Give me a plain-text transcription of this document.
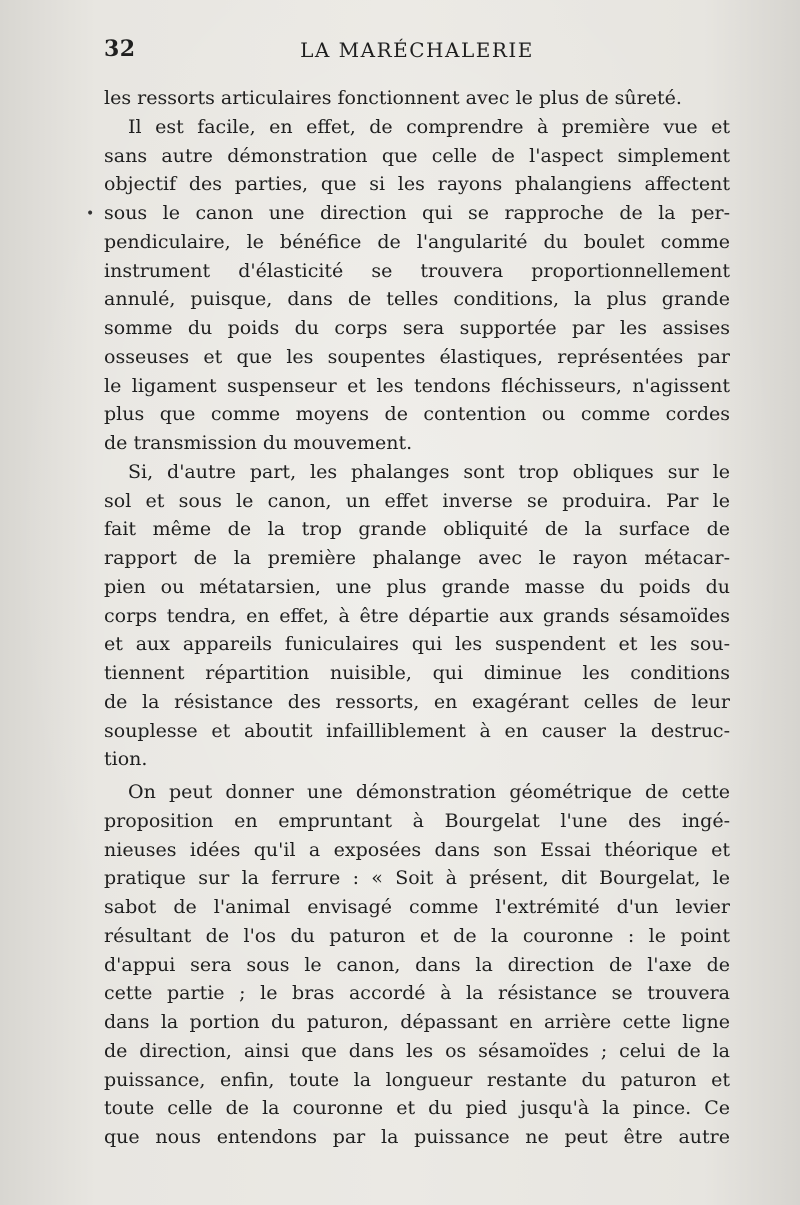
32	LA MARÉCHALERIE
•
les ressorts articulaires fonctionnent avec le plus de sûreté.
Il est facile, en effet, de comprendre à première vue et
sans autre démonstration que celle de l'aspect simplement
objectif des parties, que si les rayons phalangiens affectent
sous le canon une direction qui se rapproche de la per-
pendiculaire, le bénéfice de l'angularité du boulet comme
instrument d'élasticité se trouvera proportionnellement
annulé, puisque, dans de telles conditions, la plus grande
somme du poids du corps sera supportée par les assises
osseuses et que les soupentes élastiques, représentées par
le ligament suspenseur et les tendons fléchisseurs, n'agissent
plus que comme moyens de contention ou comme cordes
de transmission du mouvement.
Si, d'autre part, les phalanges sont trop obliques sur le
sol et sous le canon, un effet inverse se produira. Par le
fait même de la trop grande obliquité de la surface de
rapport de la première phalange avec le rayon métacar-
pien ou métatarsien, une plus grande masse du poids du
corps tendra, en effet, à être départie aux grands sésamoïdes
et aux appareils funiculaires qui les suspendent et les sou-
tiennent répartition nuisible, qui diminue les conditions
de la résistance des ressorts, en exagérant celles de leur
souplesse et aboutit infailliblement à en causer la destruc-
tion.
On peut donner une démonstration géométrique de cette
proposition en empruntant à Bourgelat l'une des ingé-
nieuses idées qu'il a exposées dans son Essai théorique et
pratique sur la ferrure : « Soit à présent, dit Bourgelat, le
sabot de l'animal envisagé comme l'extrémité d'un levier
résultant de l'os du paturon et de la couronne : le point
d'appui sera sous le canon, dans la direction de l'axe de
cette partie ; le bras accordé à la résistance se trouvera
dans la portion du paturon, dépassant en arrière cette ligne
de direction, ainsi que dans les os sésamoïdes ; celui de la
puissance, enfin, toute la longueur restante du paturon et
toute celle de la couronne et du pied jusqu'à la pince. Ce
que nous entendons par la puissance ne peut être autre
